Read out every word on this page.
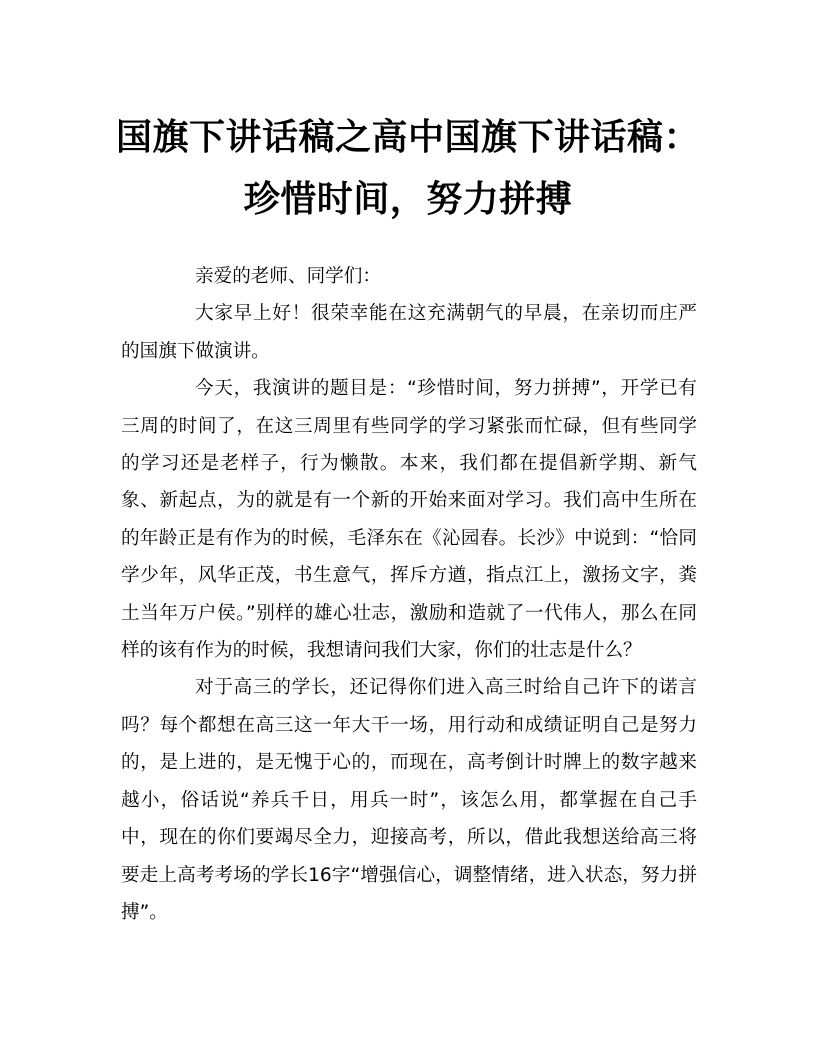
国旗下讲话稿之高中国旗下讲话稿：珍惜时间，努力拼搏

亲爱的老师、同学们：

大家早上好！很荣幸能在这充满朝气的早晨，在亲切而庄严的国旗下做演讲。

今天，我演讲的题目是：“珍惜时间，努力拼搏”，开学已有三周的时间了，在这三周里有些同学的学习紧张而忙碌，但有些同学的学习还是老样子，行为懒散。本来，我们都在提倡新学期、新气象、新起点，为的就是有一个新的开始来面对学习。我们高中生所在的年龄正是有作为的时候，毛泽东在《沁园春。长沙》中说到：“恰同学少年，风华正茂，书生意气，挥斥方遒，指点江上，激扬文字，粪土当年万户侯。”别样的雄心壮志，激励和造就了一代伟人，那么在同样的该有作为的时候，我想请问我们大家，你们的壮志是什么？

对于高三的学长，还记得你们进入高三时给自己许下的诺言吗？每个都想在高三这一年大干一场，用行动和成绩证明自己是努力的，是上进的，是无愧于心的，而现在，高考倒计时牌上的数字越来越小，俗话说“养兵千日，用兵一时”，该怎么用，都掌握在自己手中，现在的你们要竭尽全力，迎接高考，所以，借此我想送给高三将要走上高考考场的学长16字“增强信心，调整情绪，进入状态，努力拼搏”。
